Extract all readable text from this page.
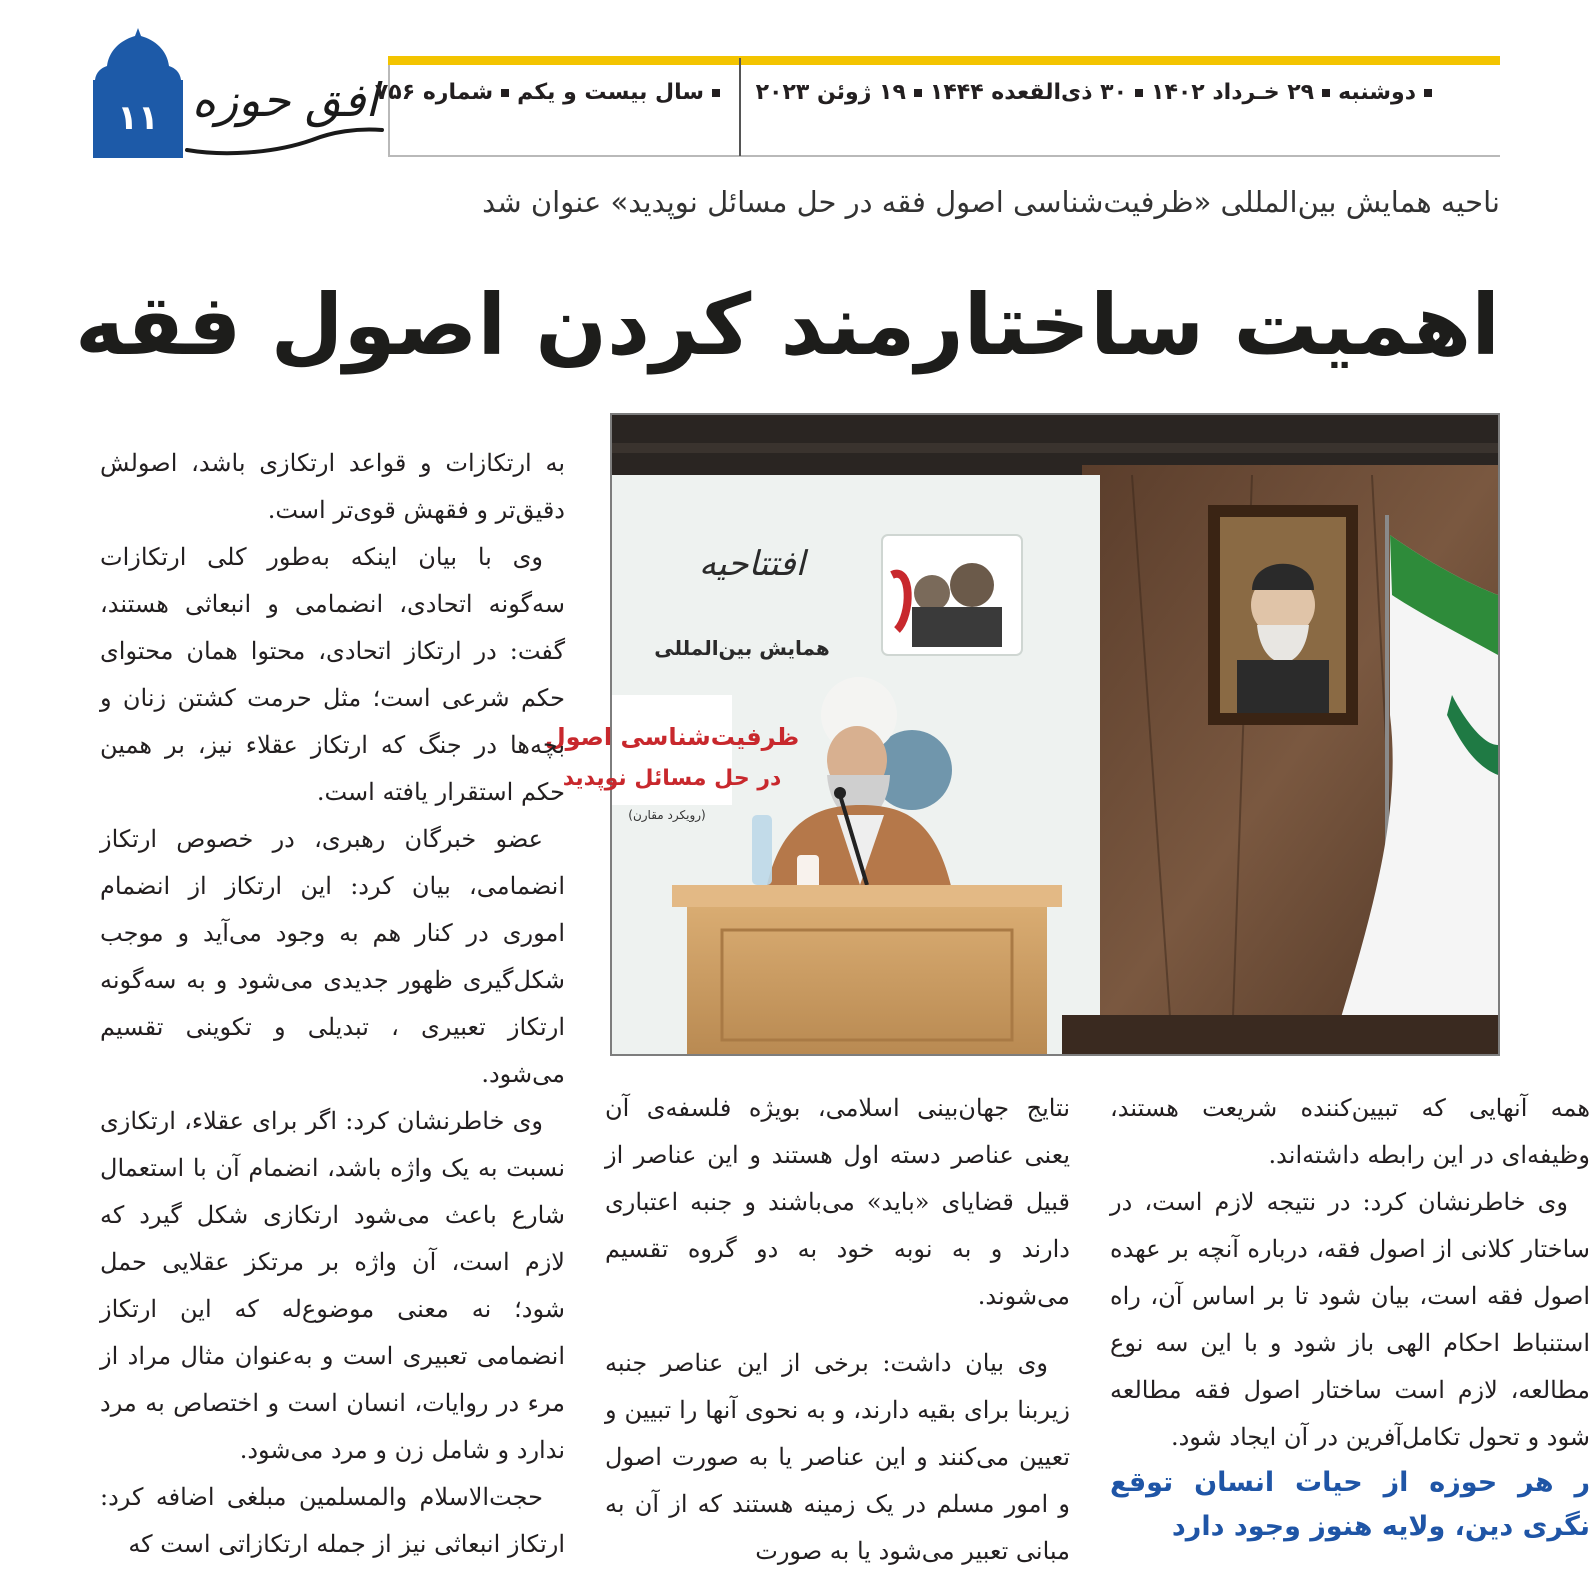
۱۱ افق حوزه	دوشنبه۲۹ خـرداد ۱۴۰۲۳۰ ذی‌القعده ۱۴۴۴۱۹ ژوئن ۲۰۲۳
سال بیست و یکمشماره ۷۵۶
ناحیه همایش بین‌المللی «ظرفیت‌شناسی اصول فقه در حل مسائل نوپدید» عنوان شد
اهمیت ساختارمند کردن اصول فقه
افتتاحیه
همایش بین‌المللی
ظرفیت‌شناسی اصول
در حل مسائل نوپدید
(رویکرد مقارن)

به ارتکازات و قواعد ارتکازی باشد، اصولش دقیق‌تر و فقهش قوی‌تر است.

وی با بیان اینکه به‌طور کلی ارتکازات سه‌گونه اتحادی، انضمامی و انبعاثی هستند، گفت: در ارتکاز اتحادی، محتوا همان محتوای حکم شرعی است؛ مثل حرمت کشتن زنان و بچه‌ها در جنگ که ارتکاز عقلاء نیز، بر همین حکم استقرار یافته است.

عضو خبرگان رهبری، در خصوص ارتکاز انضمامی، بیان کرد: این ارتکاز از انضمام اموری در کنار هم به وجود می‌آید و موجب شکل‌گیری ظهور جدیدی می‌شود و به سه‌گونه ارتکاز تعبیری ، تبدیلی و تکوینی تقسیم می‌شود.

وی خاطرنشان کرد: اگر برای عقلاء، ارتکازی نسبت به یک واژه باشد، انضمام آن با استعمال شارع باعث می‌شود ارتکازی شکل گیرد که لازم است، آن واژه بر مرتکز عقلایی حمل شود؛ نه معنی موضوع‌له که این ارتکاز انضمامی تعبیری است و به‌عنوان مثال مراد از مرء در روایات، انسان است و اختصاص به مرد ندارد و شامل زن و مرد می‌شود.

حجت‌الاسلام والمسلمین مبلغی اضافه کرد: ارتکاز انبعاثی نیز از جمله ارتکازاتی است که

نتایج جهان‌بینی اسلامی، بویژه فلسفه‌ی آن یعنی عناصر دسته اول هستند و این عناصر از قبیل قضایای «باید» می‌باشند و جنبه اعتباری دارند و به نوبه خود به دو گروه تقسیم می‌شوند.

وی بیان داشت: برخی از این عناصر جنبه زیربنا برای بقیه دارند، و به نحوی آنها را تبیین و تعیین می‌کنند و این عناصر یا به صورت اصول و امور مسلم در یک زمینه هستند که از آن به مبانی تعبیر می‌شود یا به صورت

همه آنهایی که تبیین‌کننده شریعت هستند، وظیفه‌ای در این رابطه داشته‌اند.

وی خاطرنشان کرد: در نتیجه لازم است، در ساختار کلانی از اصول فقه، درباره آنچه بر عهده اصول فقه است، بیان شود تا بر اساس آن، راه استنباط احکام الهی باز شود و با این سه نوع مطالعه، لازم است ساختار اصول فقه مطالعه شود و تحول تکامل‌آفرین در آن ایجاد شود.

ر هر حوزه از حیات انسان توقع نگری دین، ولایه هنوز وجود دارد
